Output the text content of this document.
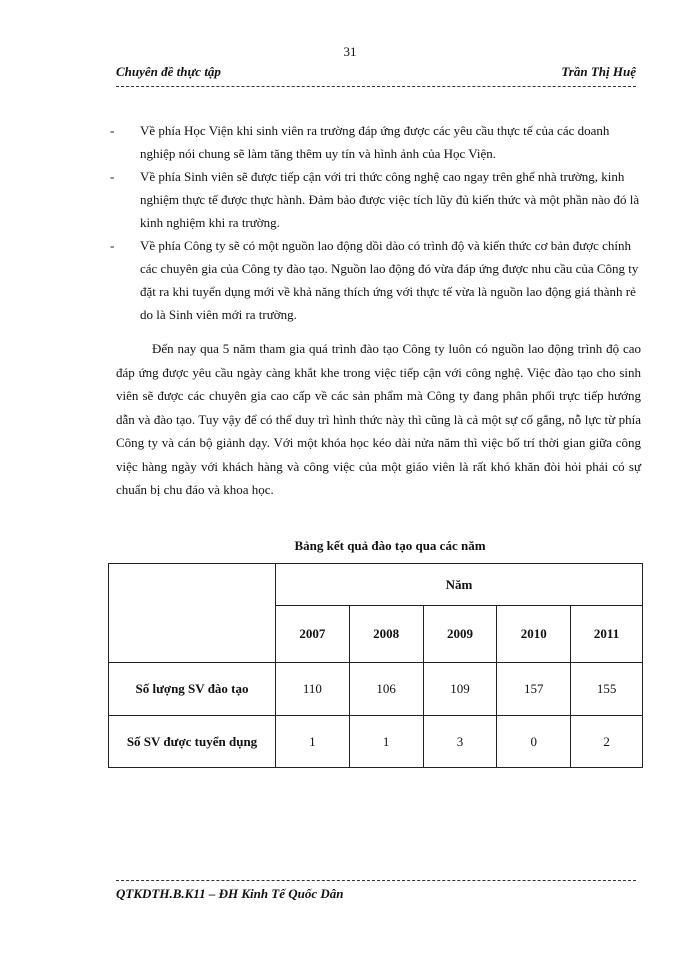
31
Chuyên đề thực tập	Trần Thị Huệ
- Về phía Học Viện khi sinh viên ra trường đáp ứng được các yêu cầu thực tế của các doanh nghiệp nói chung sẽ làm tăng thêm uy tín và hình ảnh của Học Viện.
- Về phía Sinh viên sẽ được tiếp cận với tri thức công nghệ cao ngay trên ghế nhà trường, kinh nghiệm thực tế được thực hành. Đảm bảo được việc tích lũy đủ kiến thức và một phần nào đó là kinh nghiệm khi ra trường.
- Về phía Công ty sẽ có một nguồn lao động dồi dào có trình độ và kiến thức cơ bản được chính các chuyên gia của Công ty đào tạo. Nguồn lao động đó vừa đáp ứng được nhu cầu của Công ty đặt ra khi tuyển dụng mới về khả năng thích ứng với thực tế vừa là nguồn lao động giá thành rẻ do là Sinh viên mới ra trường.

Đến nay qua 5 năm tham gia quá trình đào tạo Công ty luôn có nguồn lao động trình độ cao đáp ứng được yêu cầu ngày càng khắt khe trong việc tiếp cận với công nghệ. Việc đào tạo cho sinh viên sẽ được các chuyên gia cao cấp về các sản phẩm mà Công ty đang phân phối trực tiếp hướng dẫn và đào tạo. Tuy vậy để có thể duy trì hình thức này thì cũng là cả một sự cố gắng, nỗ lực từ phía Công ty và cán bộ giảnh dạy. Với một khóa học kéo dài nửa năm thì việc bố trí thời gian giữa công việc hàng ngày với khách hàng và công việc của một giáo viên là rất khó khăn đòi hỏi phải có sự chuẩn bị chu đáo và khoa học.

Bảng kết quả đào tạo qua các năm
	Năm				
	2007	2008	2009	2010	2011
Số lượng SV đào tạo	110	106	109	157	155
Số SV được tuyển dụng	1	1	3	0	2
QTKDTH.B.K11 – ĐH Kinh Tế Quốc Dân
